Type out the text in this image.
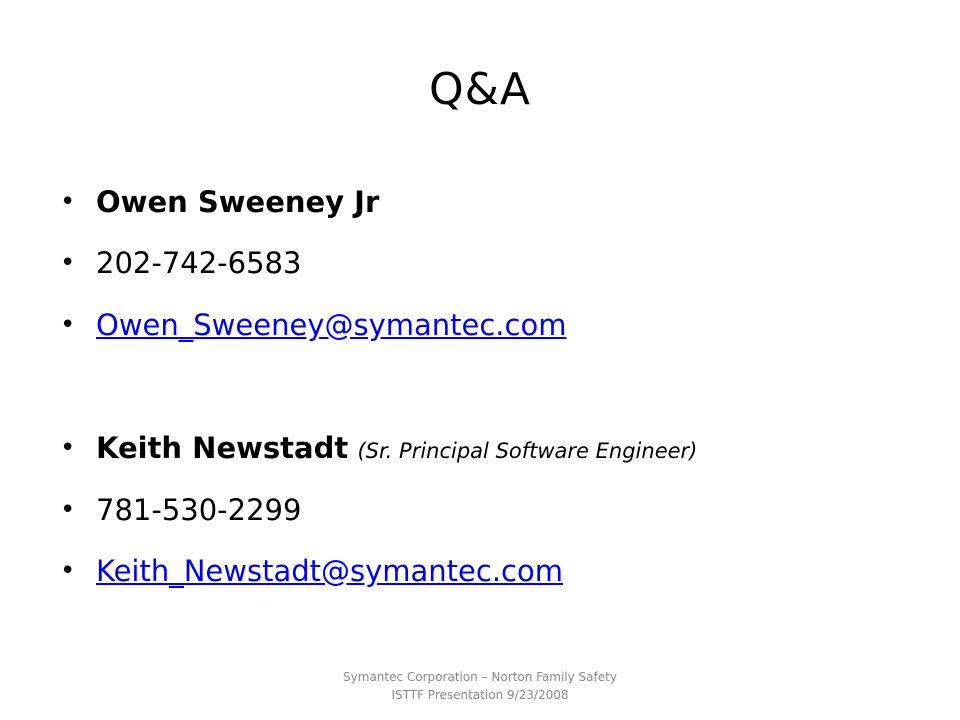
Q&A
• Owen Sweeney Jr
• 202-742-6583
• Owen_Sweeney@symantec.com
• Keith Newstadt (Sr. Principal Software Engineer)
• 781-530-2299
• Keith_Newstadt@symantec.com
Symantec Corporation – Norton Family Safety
ISTTF Presentation 9/23/2008
